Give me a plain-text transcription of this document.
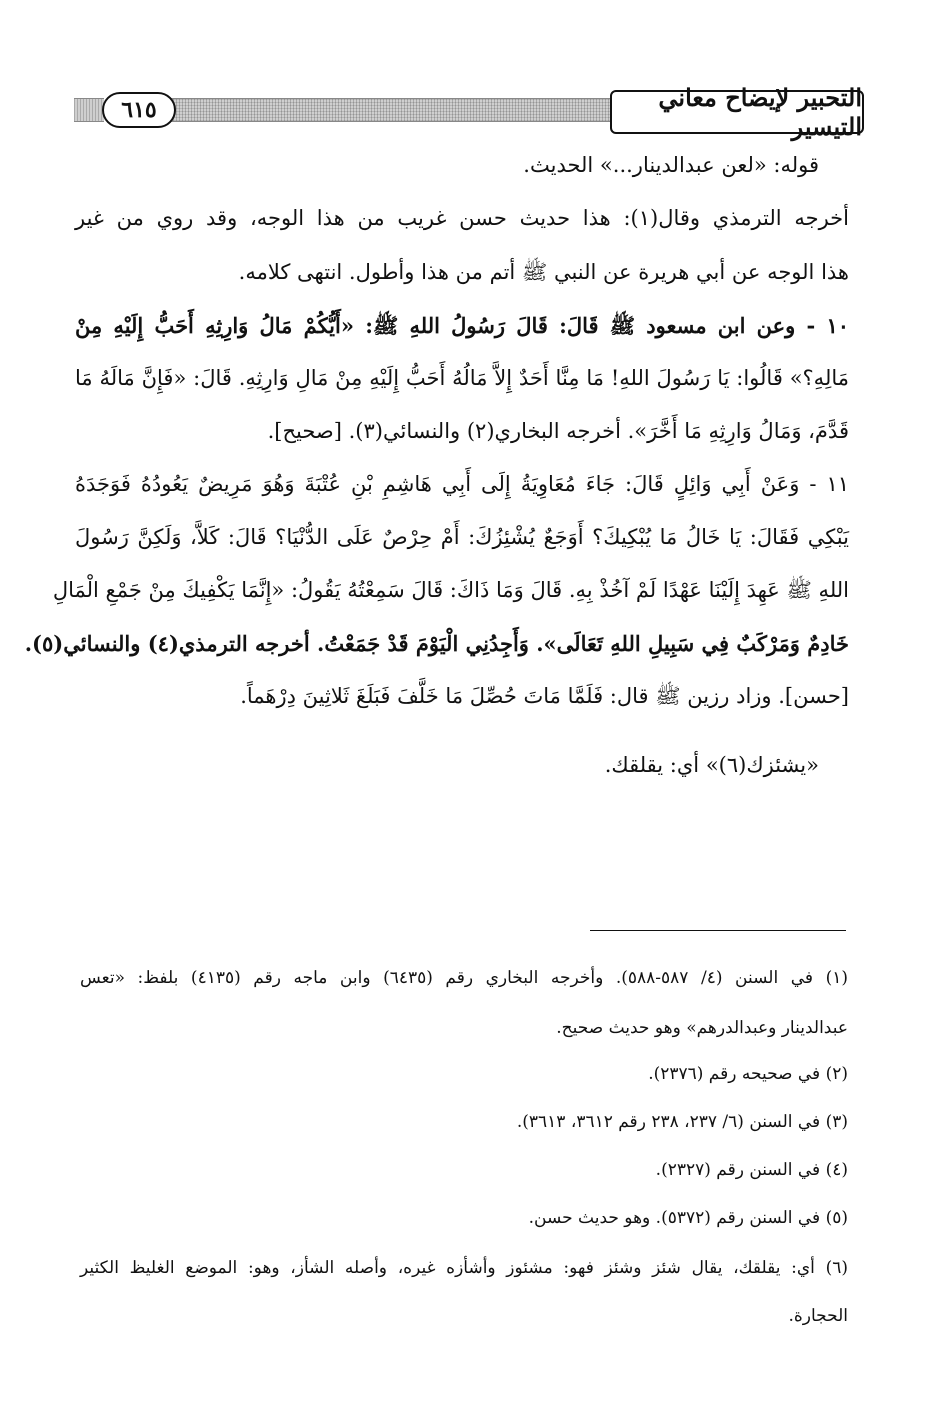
٦١٥	التحبير لإيضاح معاني التيسير
قوله: «لعن عبدالدينار...» الحديث.
أخرجه الترمذي وقال(١): هذا حديث حسن غريب من هذا الوجه، وقد روي من غير
هذا الوجه عن أبي هريرة عن النبي ﷺ أتم من هذا وأطول. انتهى كلامه.
١٠ - وعن ابن مسعود ﷺ قَالَ: قَالَ رَسُولُ اللهِ ﷺ: «أَيُّكُمْ مَالُ وَارِثِهِ أَحَبُّ إِلَيْهِ مِنْ
مَالِهِ؟» قَالُوا: يَا رَسُولَ اللهِ! مَا مِنَّا أَحَدٌ إِلاَّ مَالُهُ أَحَبُّ إِلَيْهِ مِنْ مَالِ وَارِثِهِ. قَالَ: «فَإِنَّ مَالَهُ مَا
قَدَّمَ، وَمَالُ وَارِثِهِ مَا أَخَّرَ». أخرجه البخاري(٢) والنسائي(٣). [صحيح].
١١ - وَعَنْ أَبِي وَائِلٍ قَالَ: جَاءَ مُعَاوِيَةُ إِلَى أَبِي هَاشِمِ بْنِ عُتْبَةَ وَهُوَ مَرِيضٌ يَعُودُهُ فَوَجَدَهُ
يَبْكِي فَقَالَ: يَا خَالُ مَا يُبْكِيكَ؟ أَوَجَعٌ يُشْئِزُكَ: أَمْ حِرْصٌ عَلَى الدُّنْيَا؟ قَالَ: كَلاَّ، وَلَكِنَّ رَسُولَ
اللهِ ﷺ عَهِدَ إِلَيْنَا عَهْدًا لَمْ آخُذْ بِهِ. قَالَ وَمَا ذَاكَ: قَالَ سَمِعْتُهُ يَقُولُ: «إِنَّمَا يَكْفِيكَ مِنْ جَمْعِ الْمَالِ
خَادِمٌ وَمَرْكَبٌ فِي سَبِيلِ اللهِ تَعَالَى». وَأَجِدُنِي الْيَوْمَ قَدْ جَمَعْتُ. أخرجه الترمذي(٤) والنسائي(٥).
[حسن]. وزاد رزين ﷺ قال: فَلَمَّا مَاتَ حُصِّلَ مَا خَلَّفَ فَبَلَغَ ثَلاثِينَ دِرْهَماً.
«يشئزك(٦)» أي: يقلقك.
(١) في السنن (٤/ ٥٨٧-٥٨٨). وأخرجه البخاري رقم (٦٤٣٥) وابن ماجه رقم (٤١٣٥) بلفظ: «تعس
عبدالدينار وعبدالدرهم» وهو حديث صحيح.
(٢) في صحيحه رقم (٢٣٧٦).
(٣) في السنن (٦/ ٢٣٧، ٢٣٨ رقم ٣٦١٢، ٣٦١٣).
(٤) في السنن رقم (٢٣٢٧).
(٥) في السنن رقم (٥٣٧٢). وهو حديث حسن.
(٦) أي: يقلقك، يقال شئز وشئز فهو: مشئوز وأشأزه غيره، وأصله الشأز، وهو: الموضع الغليظ الكثير
الحجارة.
